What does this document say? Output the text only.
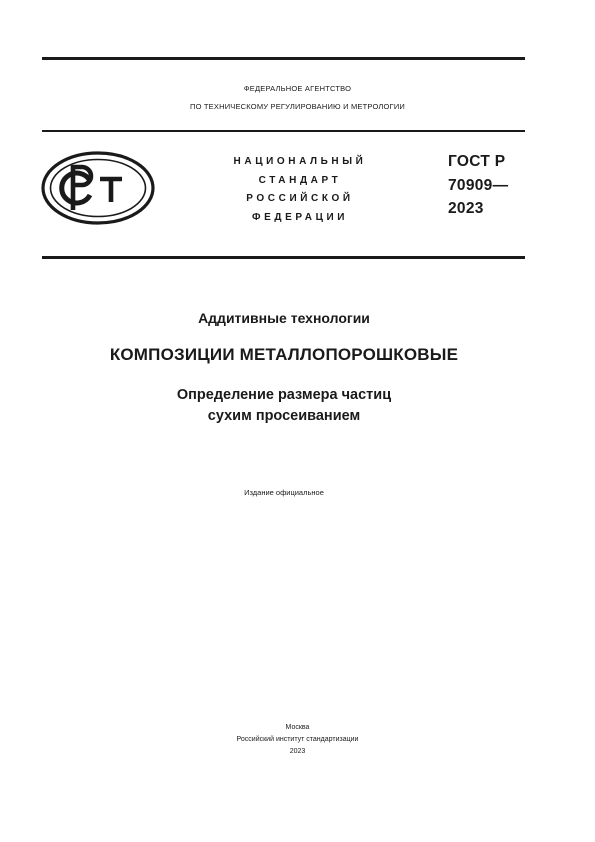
ФЕДЕРАЛЬНОЕ АГЕНТСТВО
ПО ТЕХНИЧЕСКОМУ РЕГУЛИРОВАНИЮ И МЕТРОЛОГИИ
НАЦИОНАЛЬНЫЙ
СТАНДАРТ
РОССИЙСКОЙ
ФЕДЕРАЦИИ
ГОСТ Р
70909—
2023
Аддитивные технологии
КОМПОЗИЦИИ МЕТАЛЛОПОРОШКОВЫЕ
Определение размера частиц
сухим просеиванием
Издание официальное
Москва
Российский институт стандартизации
2023
